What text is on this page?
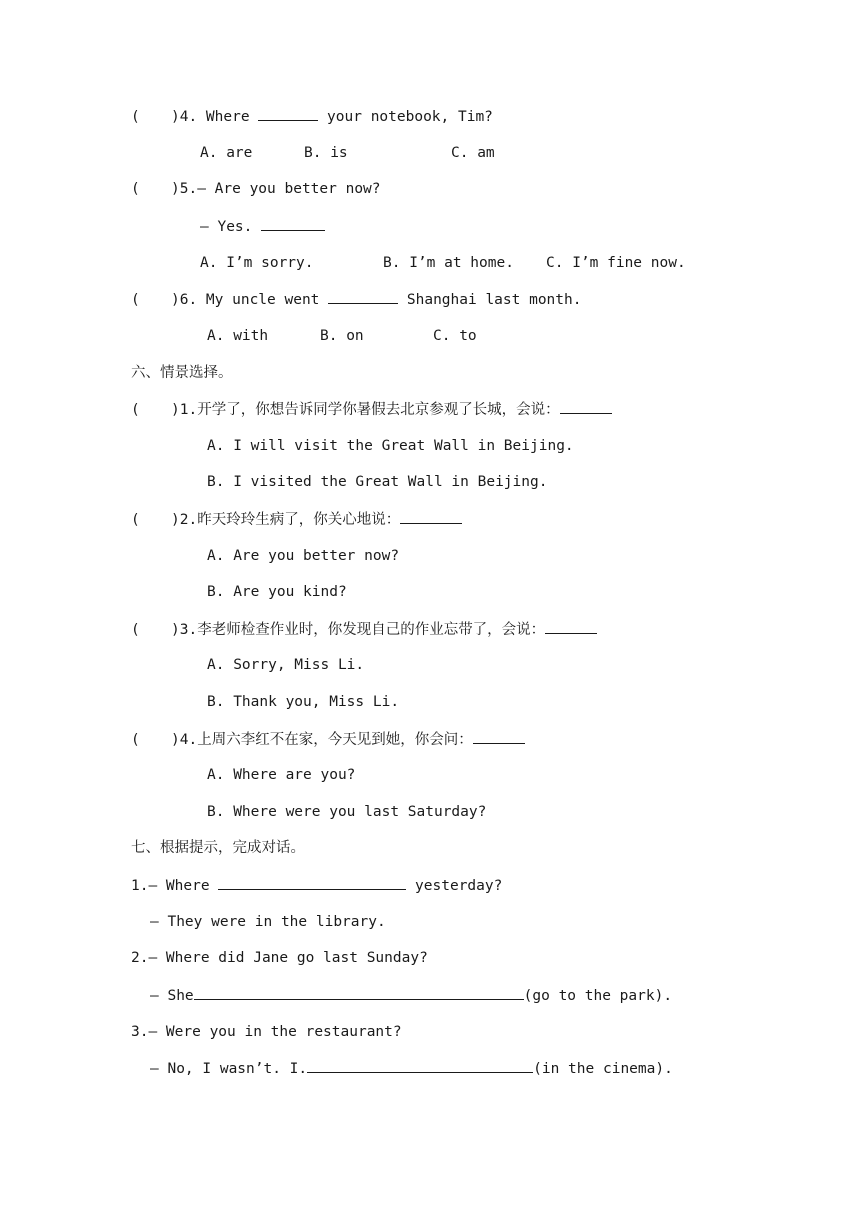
( )4. Where	your notebook, Tim?
A. are	B. is	C. am
( )5.— Are you better now?
— Yes.
A. I’m sorry.	B. I’m at home. C. I’m fine now.
( )6. My uncle went	Shanghai last month.
A. with	B. on	C. to
六、情景选择。
( )1.开学了，你想告诉同学你暑假去北京参观了长城，会说：
A. I will visit the Great Wall in Beijing.
B. I visited the Great Wall in Beijing.
( )2.昨天玲玲生病了，你关心地说：
A. Are you better now?
B. Are you kind?
( )3.李老师检查作业时，你发现自己的作业忘带了，会说：
A. Sorry, Miss Li.
B. Thank you, Miss Li.
( )4.上周六李红不在家，今天见到她，你会问：
A. Where are you?
B. Where were you last Saturday?
七、根据提示，完成对话。
1.— Where	yesterday?
— They were in the library.
2.— Where did Jane go last Sunday?
— She	(go to the park).
3.— Were you in the restaurant?
— No, I wasn’t. I.	(in the cinema).
